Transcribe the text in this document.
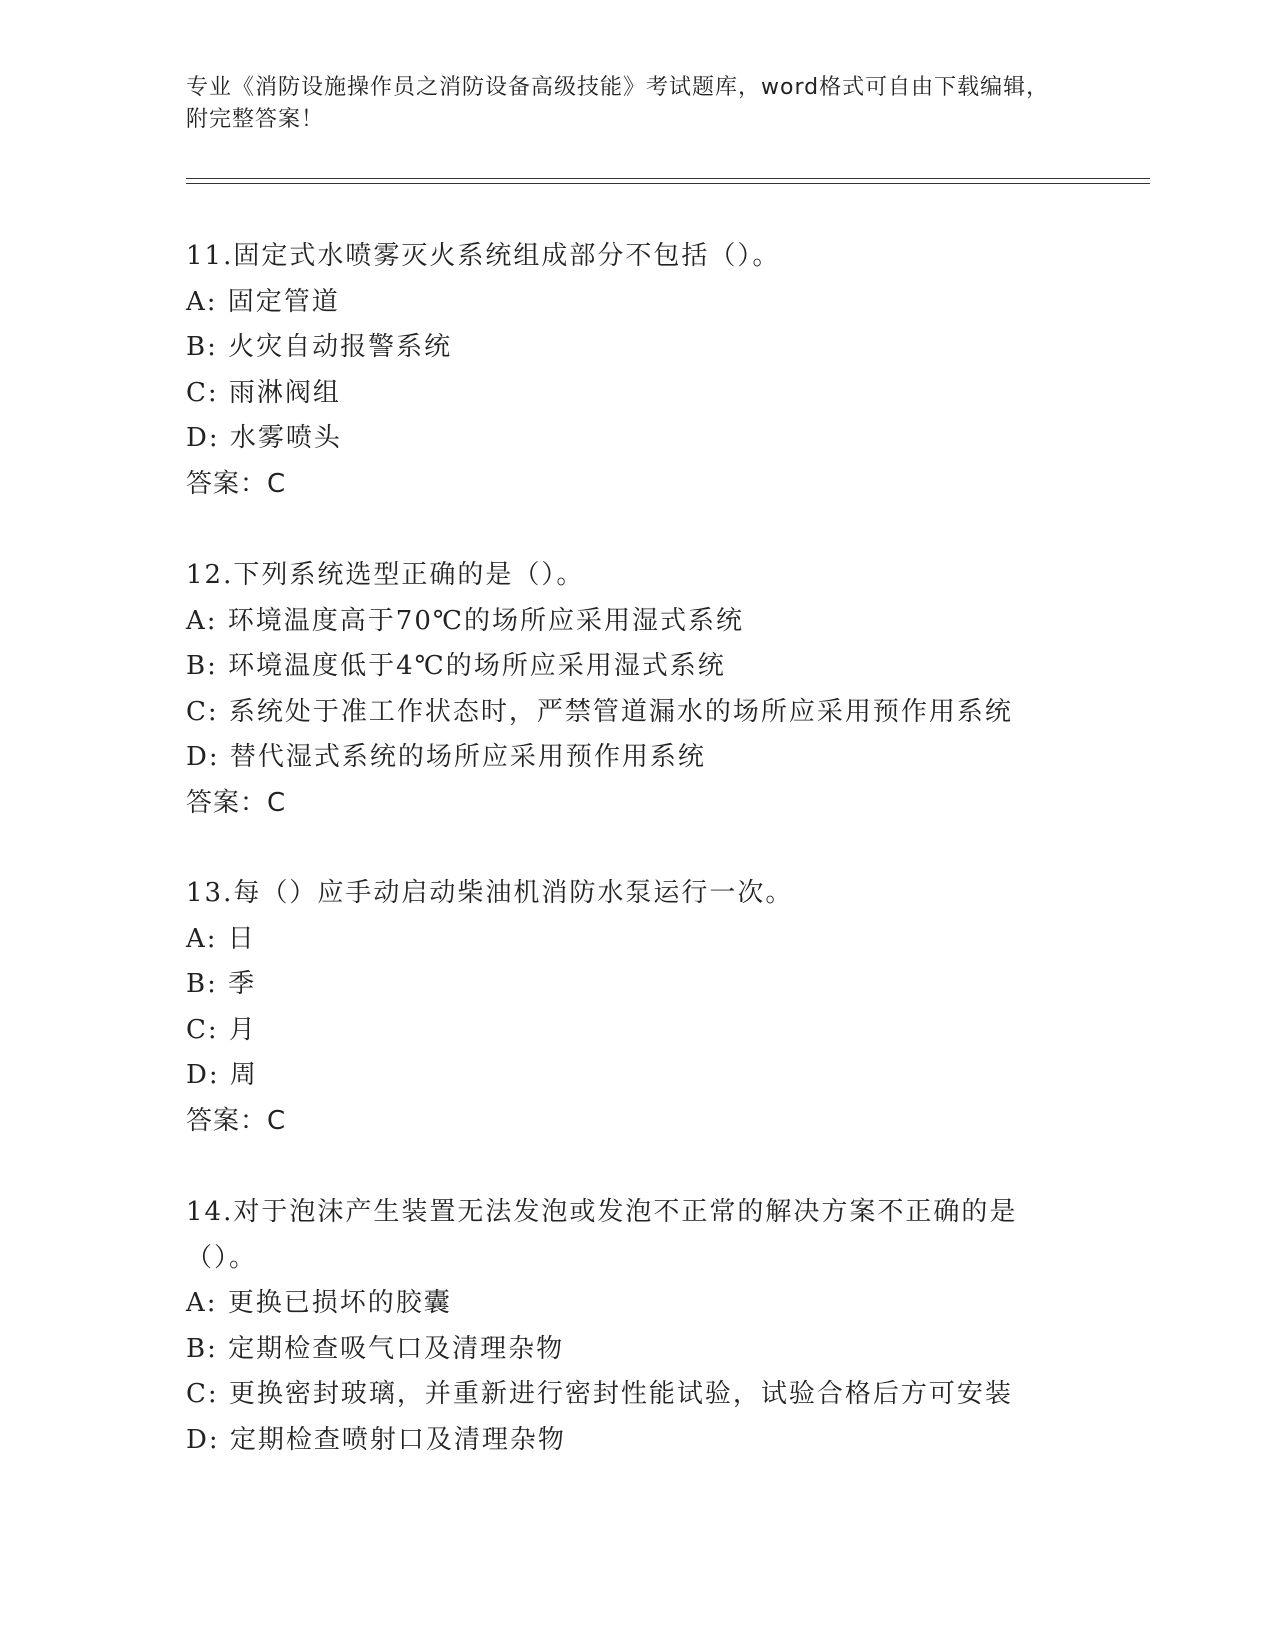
专业《消防设施操作员之消防设备高级技能》考试题库，word格式可自由下载编辑，附完整答案！
11.固定式水喷雾灭火系统组成部分不包括（）。
A: 固定管道
B: 火灾自动报警系统
C: 雨淋阀组
D: 水雾喷头
答案：C
12.下列系统选型正确的是（）。
A: 环境温度高于70℃的场所应采用湿式系统
B: 环境温度低于4℃的场所应采用湿式系统
C: 系统处于准工作状态时，严禁管道漏水的场所应采用预作用系统
D: 替代湿式系统的场所应采用预作用系统
答案：C
13.每（）应手动启动柴油机消防水泵运行一次。
A: 日
B: 季
C: 月
D: 周
答案：C
14.对于泡沫产生装置无法发泡或发泡不正常的解决方案不正确的是（）。
A: 更换已损坏的胶囊
B: 定期检查吸气口及清理杂物
C: 更换密封玻璃，并重新进行密封性能试验，试验合格后方可安装
D: 定期检查喷射口及清理杂物
